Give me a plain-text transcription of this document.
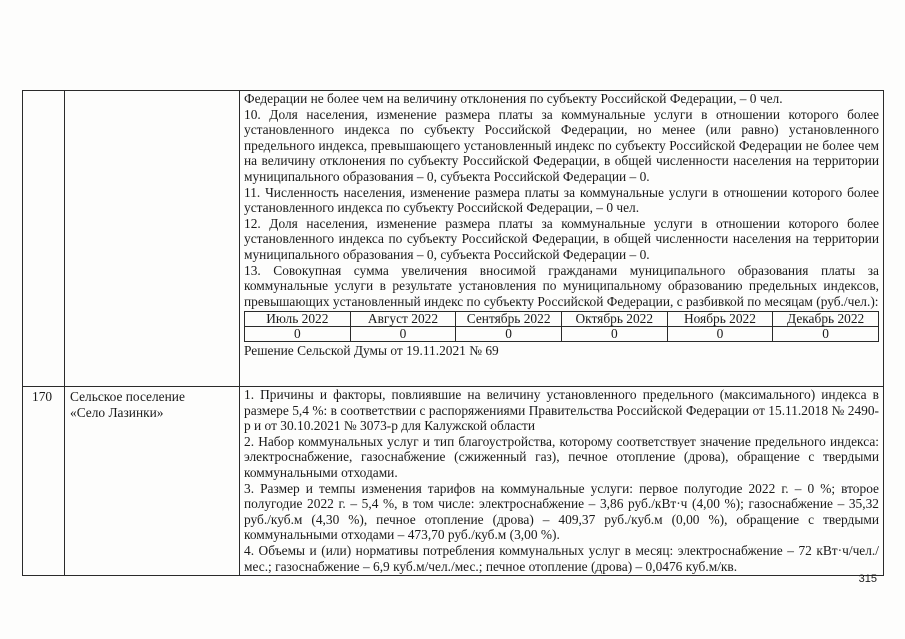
Федерации не более чем на величину отклонения по субъекту Российской Федерации, – 0 чел.

10. Доля населения, изменение размера платы за коммунальные услуги в отношении которого более установленного индекса по субъекту Российской Федерации, но менее (или равно) установленного предельного индекса, превышающего установленный индекс по субъекту Российской Федерации не более чем на величину отклонения по субъекту Российской Федерации, в общей численности населения на территории муниципального образования – 0, субъекта Российской Федерации – 0.

11. Численность населения, изменение размера платы за коммунальные услуги в отношении которого более установленного индекса по субъекту Российской Федерации, – 0 чел.

12. Доля населения, изменение размера платы за коммунальные услуги в отношении которого более установленного индекса по субъекту Российской Федерации, в общей численности населения на территории муниципального образования – 0, субъекта Российской Федерации – 0.

13. Совокупная сумма увеличения вносимой гражданами муниципального образования платы за коммунальные услуги в результате установления по муниципальному образованию предельных индексов, превышающих установленный индекс по субъекту Российской Федерации, с разбивкой по месяцам (руб./чел.):

Июль 2022	Август 2022	Сентябрь 2022	Октябрь 2022	Ноябрь 2022	Декабрь 2022
0	0	0	0	0	0
Решение Сельской Думы от 19.11.2021 № 69

170	Сельское поселение
«Село Лазинки»

1. Причины и факторы, повлиявшие на величину установленного предельного (максимального) индекса в размере 5,4 %: в соответствии с распоряжениями Правительства Российской Федерации от 15.11.2018 № 2490-р и от 30.10.2021 № 3073-р для Калужской области

2. Набор коммунальных услуг и тип благоустройства, которому соответствует значение предельного индекса: электроснабжение, газоснабжение (сжиженный газ), печное отопление (дрова), обращение с твердыми коммунальными отходами.

3. Размер и темпы изменения тарифов на коммунальные услуги: первое полугодие 2022 г. – 0 %; второе полугодие 2022 г. – 5,4 %, в том числе: электроснабжение – 3,86 руб./кВт·ч (4,00 %); газоснабжение – 35,32 руб./куб.м (4,30 %), печное отопление (дрова) – 409,37 руб./куб.м (0,00 %), обращение с твердыми коммунальными отходами – 473,70 руб./куб.м (3,00 %).

4. Объемы и (или) нормативы потребления коммунальных услуг в месяц: электроснабжение – 72 кВт·ч/чел./мес.; газоснабжение – 6,9 куб.м/чел./мес.; печное отопление (дрова) – 0,0476 куб.м/кв.

315
